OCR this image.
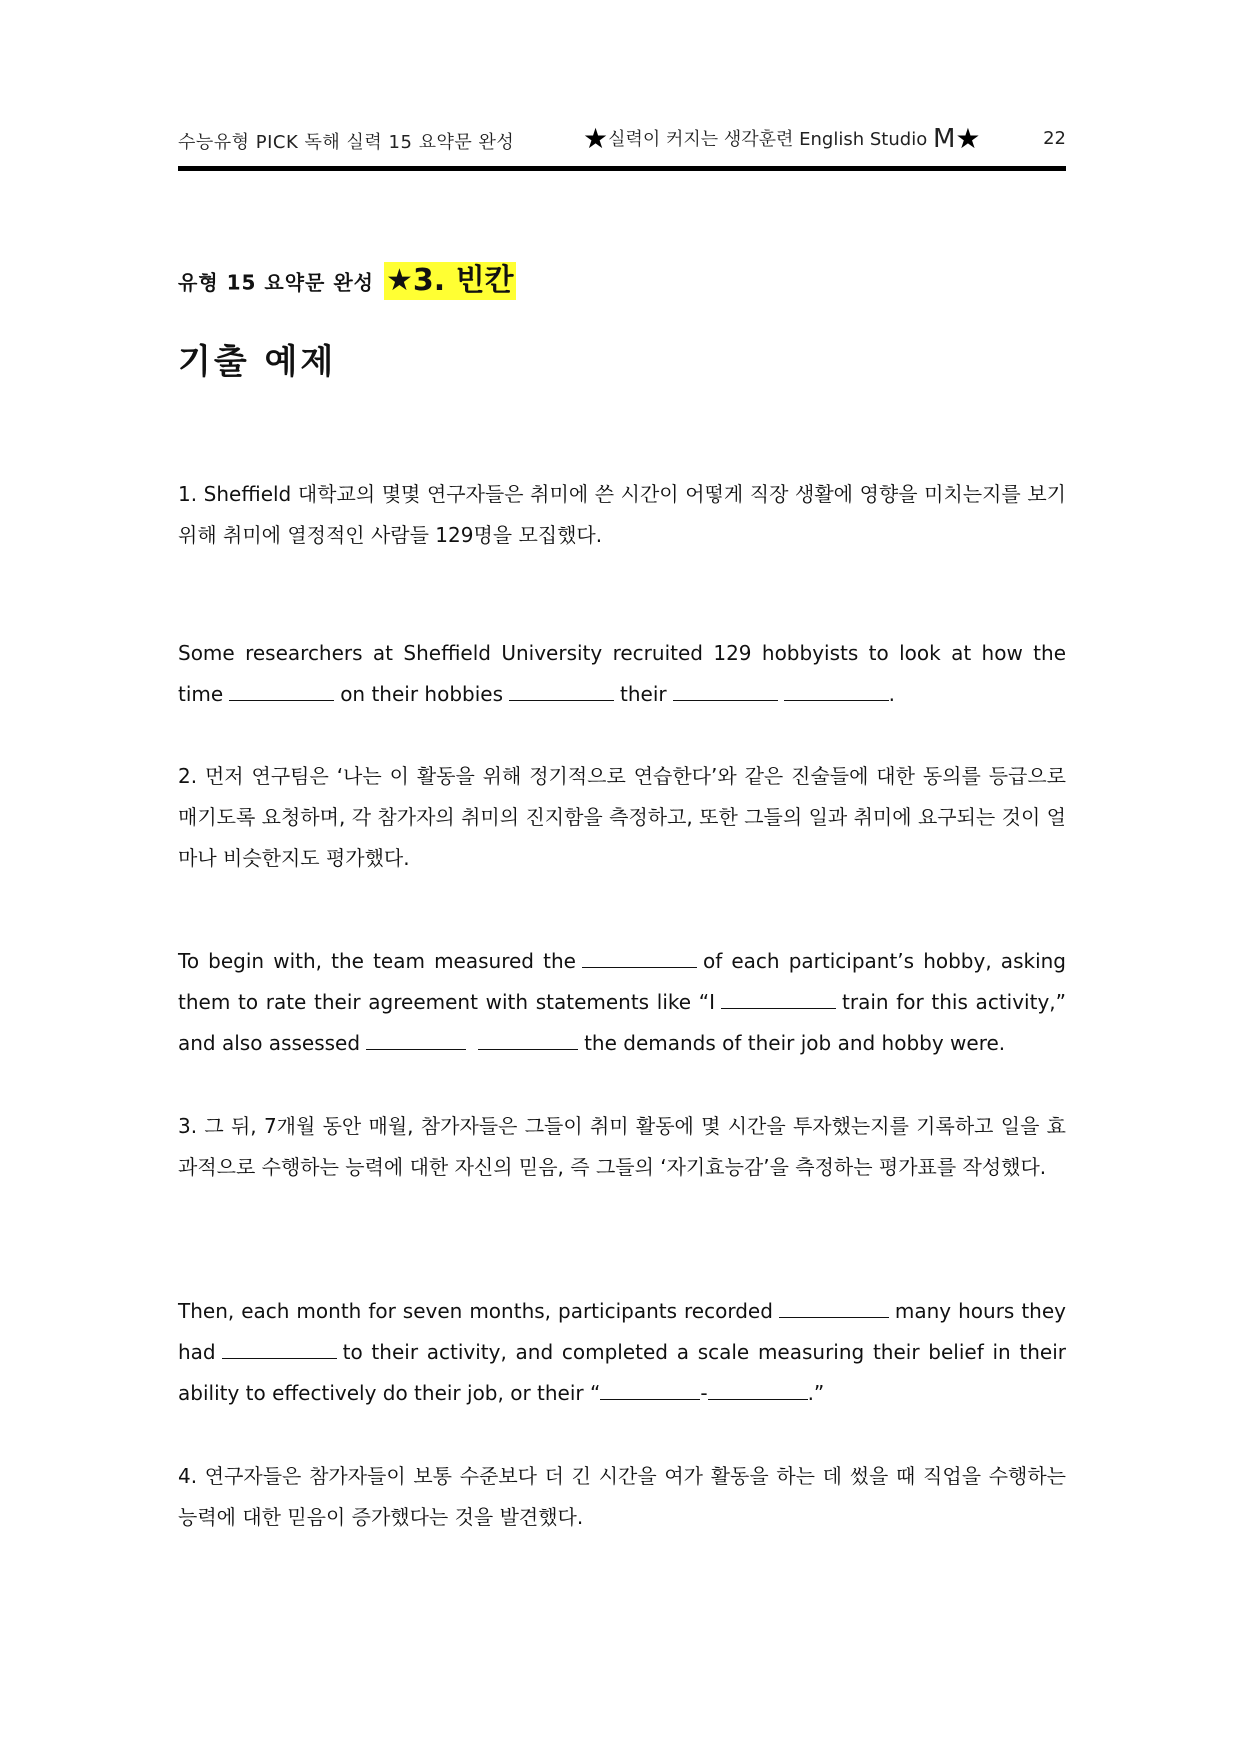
수능유형 PICK 독해 실력 15 요약문 완성 ★실력이 커지는 생각훈련 English Studio M★	22
유형 15 요약문 완성 ★3. 빈칸
기출 예제
1. Sheffield 대학교의 몇몇 연구자들은 취미에 쓴 시간이 어떻게 직장 생활에 영향을 미치는지를 보기 위해 취미에 열정적인 사람들 129명을 모집했다.
Some researchers at Sheffield University recruited 129 hobbyists to look at how the time	on their hobbies	their	.
2. 먼저 연구팀은 ‘나는 이 활동을 위해 정기적으로 연습한다’와 같은 진술들에 대한 동의를 등급으로 매기도록 요청하며, 각 참가자의 취미의 진지함을 측정하고, 또한 그들의 일과 취미에 요구되는 것이 얼마나 비슷한지도 평가했다.
To begin with, the team measured the	of each participant’s hobby, asking them to rate their agreement with statements like “I	train for this activity,” and also assessed	the demands of their job and hobby were.
3. 그 뒤, 7개월 동안 매월, 참가자들은 그들이 취미 활동에 몇 시간을 투자했는지를 기록하고 일을 효과적으로 수행하는 능력에 대한 자신의 믿음, 즉 그들의 ‘자기효능감’을 측정하는 평가표를 작성했다.
Then, each month for seven months, participants recorded	many hours they had	to their activity, and completed a scale measuring their belief in their ability to effectively do their job, or their “	-	.”
4. 연구자들은 참가자들이 보통 수준보다 더 긴 시간을 여가 활동을 하는 데 썼을 때 직업을 수행하는 능력에 대한 믿음이 증가했다는 것을 발견했다.
